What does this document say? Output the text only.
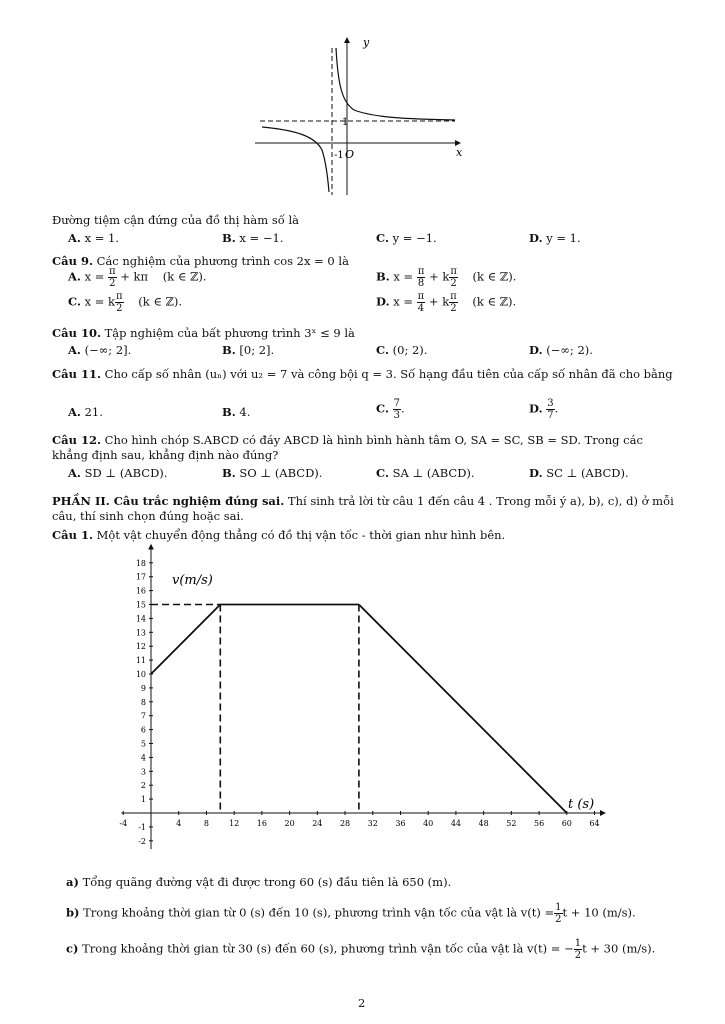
y
x
-1 O
1
Đường tiệm cận đứng của đồ thị hàm số là
A. x = 1.	B. x = −1.	C. y = −1.	D. y = 1.
Câu 9. Các nghiệm của phương trình cos 2x = 0 là
A. $x = \frac{\pi}{2} + k\pi$    (k ∈ ℤ).	B. $x = \frac{\pi}{8} + k \frac{\pi}{2} (k$ ∈ ℤ).
C. x = k $\frac{\pi}{2} (k$ ∈ ℤ).	D. $x = \frac{\pi}{4} + k \frac{\pi}{2} (k$ ∈ ℤ).
Câu 10. Tập nghiệm của bất phương trình 3ˣ ≤ 9 là
A. (−∞; 2].	B. [0; 2].	C. (0; 2).	D. (−∞; 2).
Câu 11. Cho cấp số nhân (uₙ) với u₂ = 7 và công bội q = 3. Số hạng đầu tiên của cấp số nhân đã cho bằng
A. 21.	B. 4.	C. $\frac{7}{3}$ .	D. $\frac{3}{7}$ .
Câu 12. Cho hình chóp S.ABCD có đáy ABCD là hình bình hành tâm O, SA = SC, SB = SD. Trong các khẳng định sau, khẳng định nào đúng?
A. SD ⊥ (ABCD).	B. SO ⊥ (ABCD).	C. SA ⊥ (ABCD).	D. SC ⊥ (ABCD).
PHẦN II. Câu trắc nghiệm đúng sai. Thí sinh trả lời từ câu 1 đến câu 4 . Trong mỗi ý a), b), c), d) ở mỗi câu, thí sinh chọn đúng hoặc sai.
Câu 1. Một vật chuyển động thẳng có đồ thị vận tốc - thời gian như hình bên.
-4	4	8	12 16 20 24 28 32 36 40 44 48 52 56 60 64
-2
-1
1
2
3
4
5
6
7
8
9
10
11
12
13
14
15
16
17
18
v(m/s)
t (s)
a) Tổng quãng đường vật đi được trong 60 (s) đầu tiên là 650 (m).
b) Trong khoảng thời gian từ 0 (s) đến 10 (s), phương trình vận tốc của vật là $v(t) = \frac{1}{2}$ t + 10 (m/s).
c) Trong khoảng thời gian từ 30 (s) đến 60 (s), phương trình vận tốc của vật là v(t) = − $\frac{1}{2}$ t + 30 (m/s).
2
